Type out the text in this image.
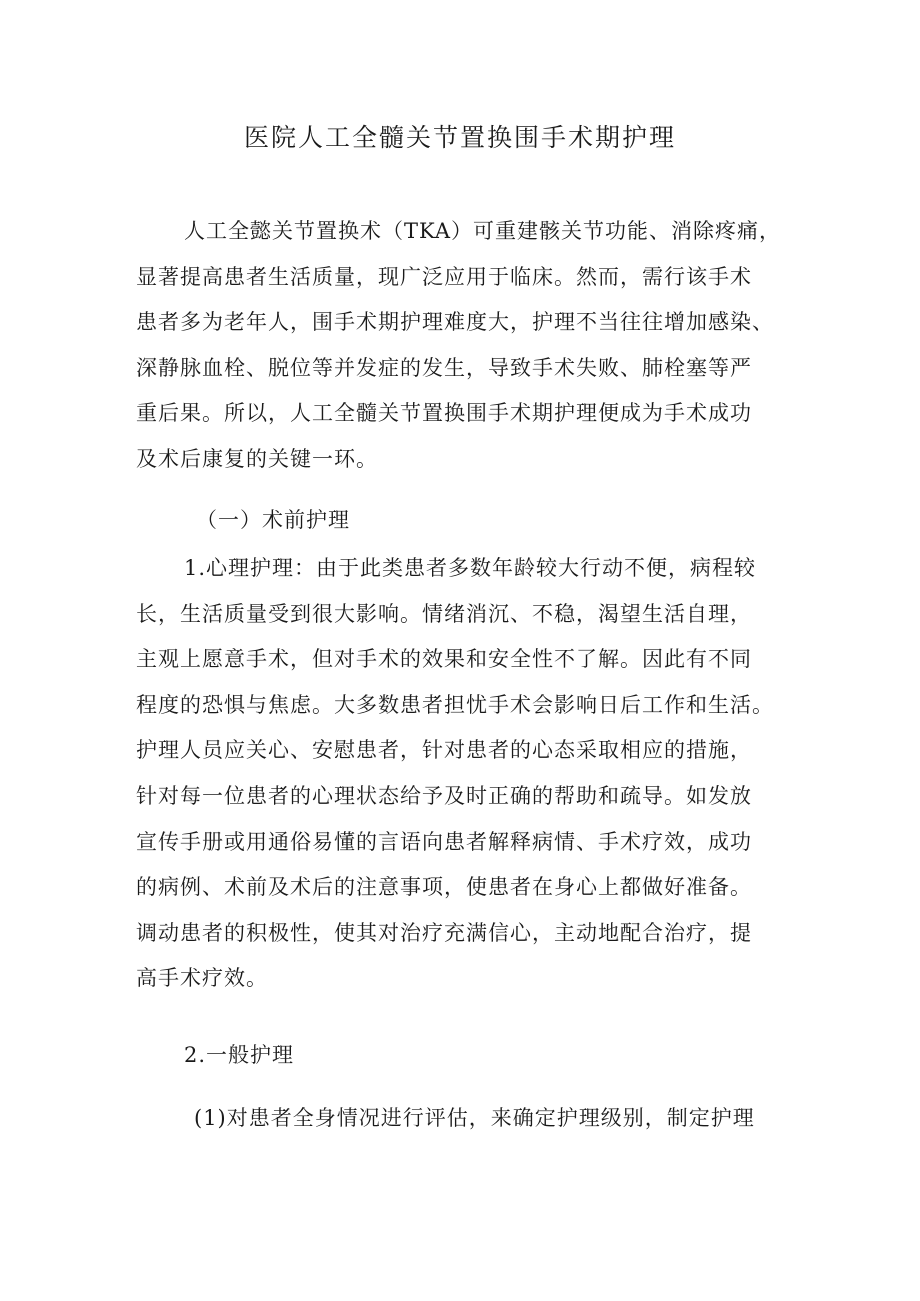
医院人工全髓关节置换围手术期护理
人工全懿关节置换术（TKA）可重建骸关节功能、消除疼痛，
显著提高患者生活质量，现广泛应用于临床。然而，需行该手术
患者多为老年人，围手术期护理难度大，护理不当往往增加感染、
深静脉血栓、脱位等并发症的发生，导致手术失败、肺栓塞等严
重后果。所以，人工全髓关节置换围手术期护理便成为手术成功
及术后康复的关键一环。
（一）术前护理
1.心理护理：由于此类患者多数年龄较大行动不便，病程较
长，生活质量受到很大影响。情绪消沉、不稳，渴望生活自理，
主观上愿意手术，但对手术的效果和安全性不了解。因此有不同
程度的恐惧与焦虑。大多数患者担忧手术会影响日后工作和生活。
护理人员应关心、安慰患者，针对患者的心态采取相应的措施，
针对每一位患者的心理状态给予及时正确的帮助和疏导。如发放
宣传手册或用通俗易懂的言语向患者解释病情、手术疗效，成功
的病例、术前及术后的注意事项，使患者在身心上都做好准备。
调动患者的积极性，使其对治疗充满信心，主动地配合治疗，提
高手术疗效。
2.一般护理
(1)对患者全身情况进行评估，来确定护理级别，制定护理
